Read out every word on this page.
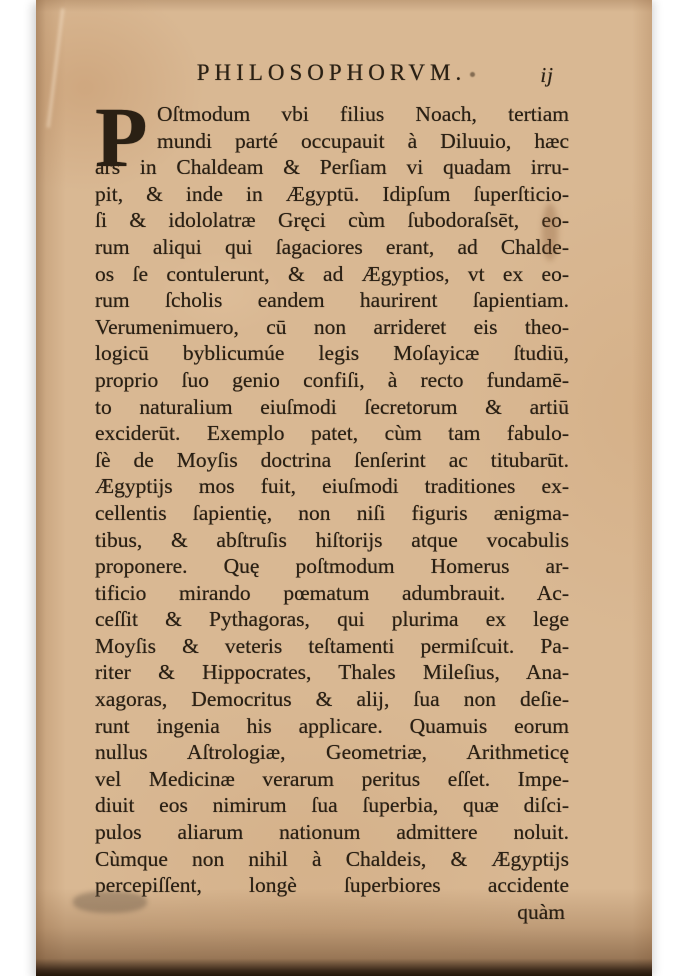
PHILOSOPHORVM.	ij
P Oſtmodum vbi filius Noach, tertiam
mundi parté occupauit à Diluuio, hæc
ars in Chaldeam & Perſiam vi quadam irru-
pit, & inde in Ægyptū. Idipſum ſuperſticio-
ſi & idololatræ Gręci cùm ſubodoraſsēt, eo-
rum aliqui qui ſagaciores erant, ad Chalde-
os ſe contulerunt, & ad Ægyptios, vt ex eo-
rum ſcholis eandem haurirent ſapientiam.
Verumenimuero, cū non arrideret eis theo-
logicū byblicumúe legis Moſayicæ ſtudiū,
proprio ſuo genio confiſi, à recto fundamē-
to naturalium eiuſmodi ſecretorum & artiū
exciderūt. Exemplo patet, cùm tam fabulo-
ſè de Moyſis doctrina ſenſerint ac titubarūt.
Ægyptijs mos fuit, eiuſmodi traditiones ex-
cellentis ſapientię, non niſi figuris ænigma-
tibus, & abſtruſis hiſtorijs atque vocabulis
proponere. Quę poſtmodum Homerus ar-
tificio mirando pœmatum adumbrauit. Ac-
ceſſit & Pythagoras, qui plurima ex lege
Moyſis & veteris teſtamenti permiſcuit. Pa-
riter & Hippocrates, Thales Mileſius, Ana-
xagoras, Democritus & alij, ſua non deſie-
runt ingenia his applicare. Quamuis eorum
nullus Aſtrologiæ, Geometriæ, Arithmeticę
vel Medicinæ verarum peritus eſſet. Impe-
diuit eos nimirum ſua ſuperbia, quæ diſci-
pulos aliarum nationum admittere noluit.
Cùmque non nihil à Chaldeis, & Ægyptijs
percepiſſent, longè ſuperbiores accidente
quàm
